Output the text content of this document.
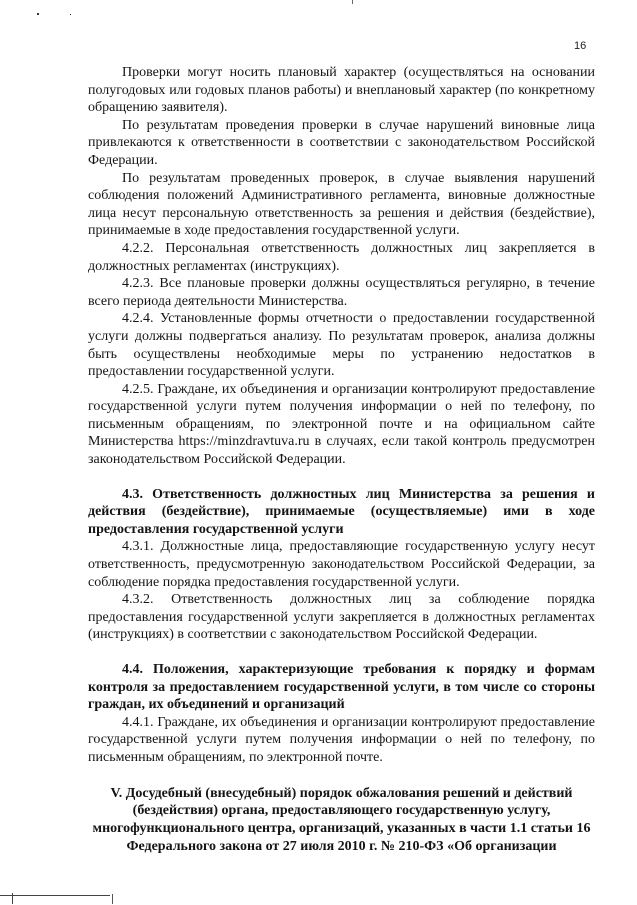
16

Проверки могут носить плановый характер (осуществляться на основании полугодовых или годовых планов работы) и внеплановый характер (по конкретному обращению заявителя).

По результатам проведения проверки в случае нарушений виновные лица привлекаются к ответственности в соответствии с законодательством Российской Федерации.

По результатам проведенных проверок, в случае выявления нарушений соблюдения положений Административного регламента, виновные должностные лица несут персональную ответственность за решения и действия (бездействие), принимаемые в ходе предоставления государственной услуги.

4.2.2. Персональная ответственность должностных лиц закрепляется в должностных регламентах (инструкциях).

4.2.3. Все плановые проверки должны осуществляться регулярно, в течение всего периода деятельности Министерства.

4.2.4. Установленные формы отчетности о предоставлении государственной услуги должны подвергаться анализу. По результатам проверок, анализа должны быть осуществлены необходимые меры по устранению недостатков в предоставлении государственной услуги.

4.2.5. Граждане, их объединения и организации контролируют предоставление государственной услуги путем получения информации о ней по телефону, по письменным обращениям, по электронной почте и на официальном сайте Министерства https://minzdravtuva.ru в случаях, если такой контроль предусмотрен законодательством Российской Федерации.

4.3. Ответственность должностных лиц Министерства за решения и действия (бездействие), принимаемые (осуществляемые) ими в ходе предоставления государственной услуги

4.3.1. Должностные лица, предоставляющие государственную услугу несут ответственность, предусмотренную законодательством Российской Федерации, за соблюдение порядка предоставления государственной услуги.

4.3.2. Ответственность должностных лиц за соблюдение порядка предоставления государственной услуги закрепляется в должностных регламентах (инструкциях) в соответствии с законодательством Российской Федерации.

4.4. Положения, характеризующие требования к порядку и формам контроля за предоставлением государственной услуги, в том числе со стороны граждан, их объединений и организаций

4.4.1. Граждане, их объединения и организации контролируют предоставление государственной услуги путем получения информации о ней по телефону, по письменным обращениям, по электронной почте.

V. Досудебный (внесудебный) порядок обжалования решений и действий (бездействия) органа, предоставляющего государственную услугу, многофункционального центра, организаций, указанных в части 1.1 статьи 16 Федерального закона от 27 июля 2010 г. № 210-ФЗ «Об организации
